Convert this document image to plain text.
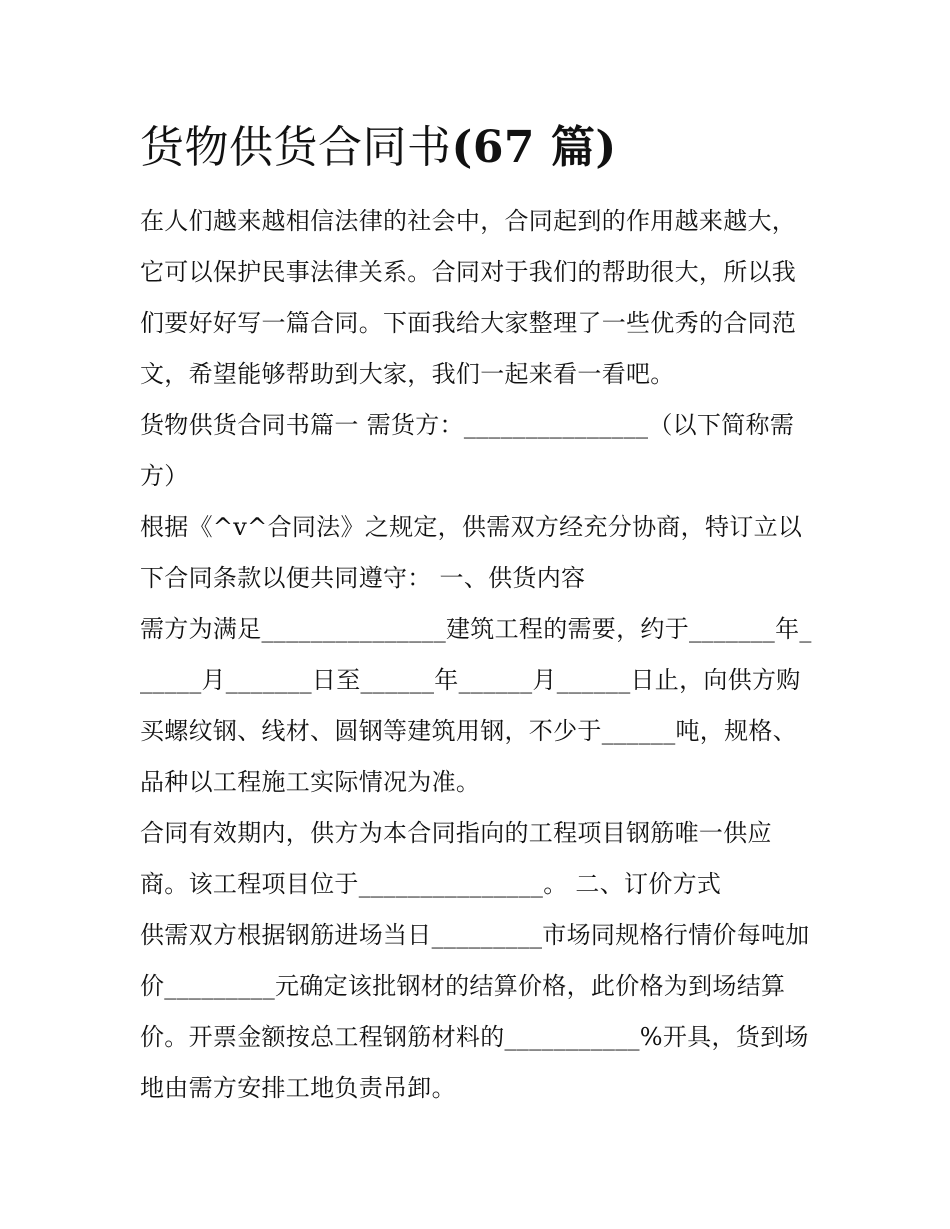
货物供货合同书(67 篇)

在人们越来越相信法律的社会中，合同起到的作用越来越大，它可以保护民事法律关系。合同对于我们的帮助很大，所以我们要好好写一篇合同。下面我给大家整理了一些优秀的合同范文，希望能够帮助到大家，我们一起来看一看吧。

货物供货合同书篇一 需货方：_______________（以下简称需方）

根据《^v^合同法》之规定，供需双方经充分协商，特订立以下合同条款以便共同遵守： 一、供货内容

需方为满足_______________建筑工程的需要，约于_______年______月_______日至______年______月______日止，向供方购买螺纹钢、线材、圆钢等建筑用钢，不少于______吨，规格、品种以工程施工实际情况为准。

合同有效期内，供方为本合同指向的工程项目钢筋唯一供应商。该工程项目位于_______________。 二、订价方式

供需双方根据钢筋进场当日_________市场同规格行情价每吨加价_________元确定该批钢材的结算价格，此价格为到场结算价。开票金额按总工程钢筋材料的___________%开具，货到场地由需方安排工地负责吊卸。
